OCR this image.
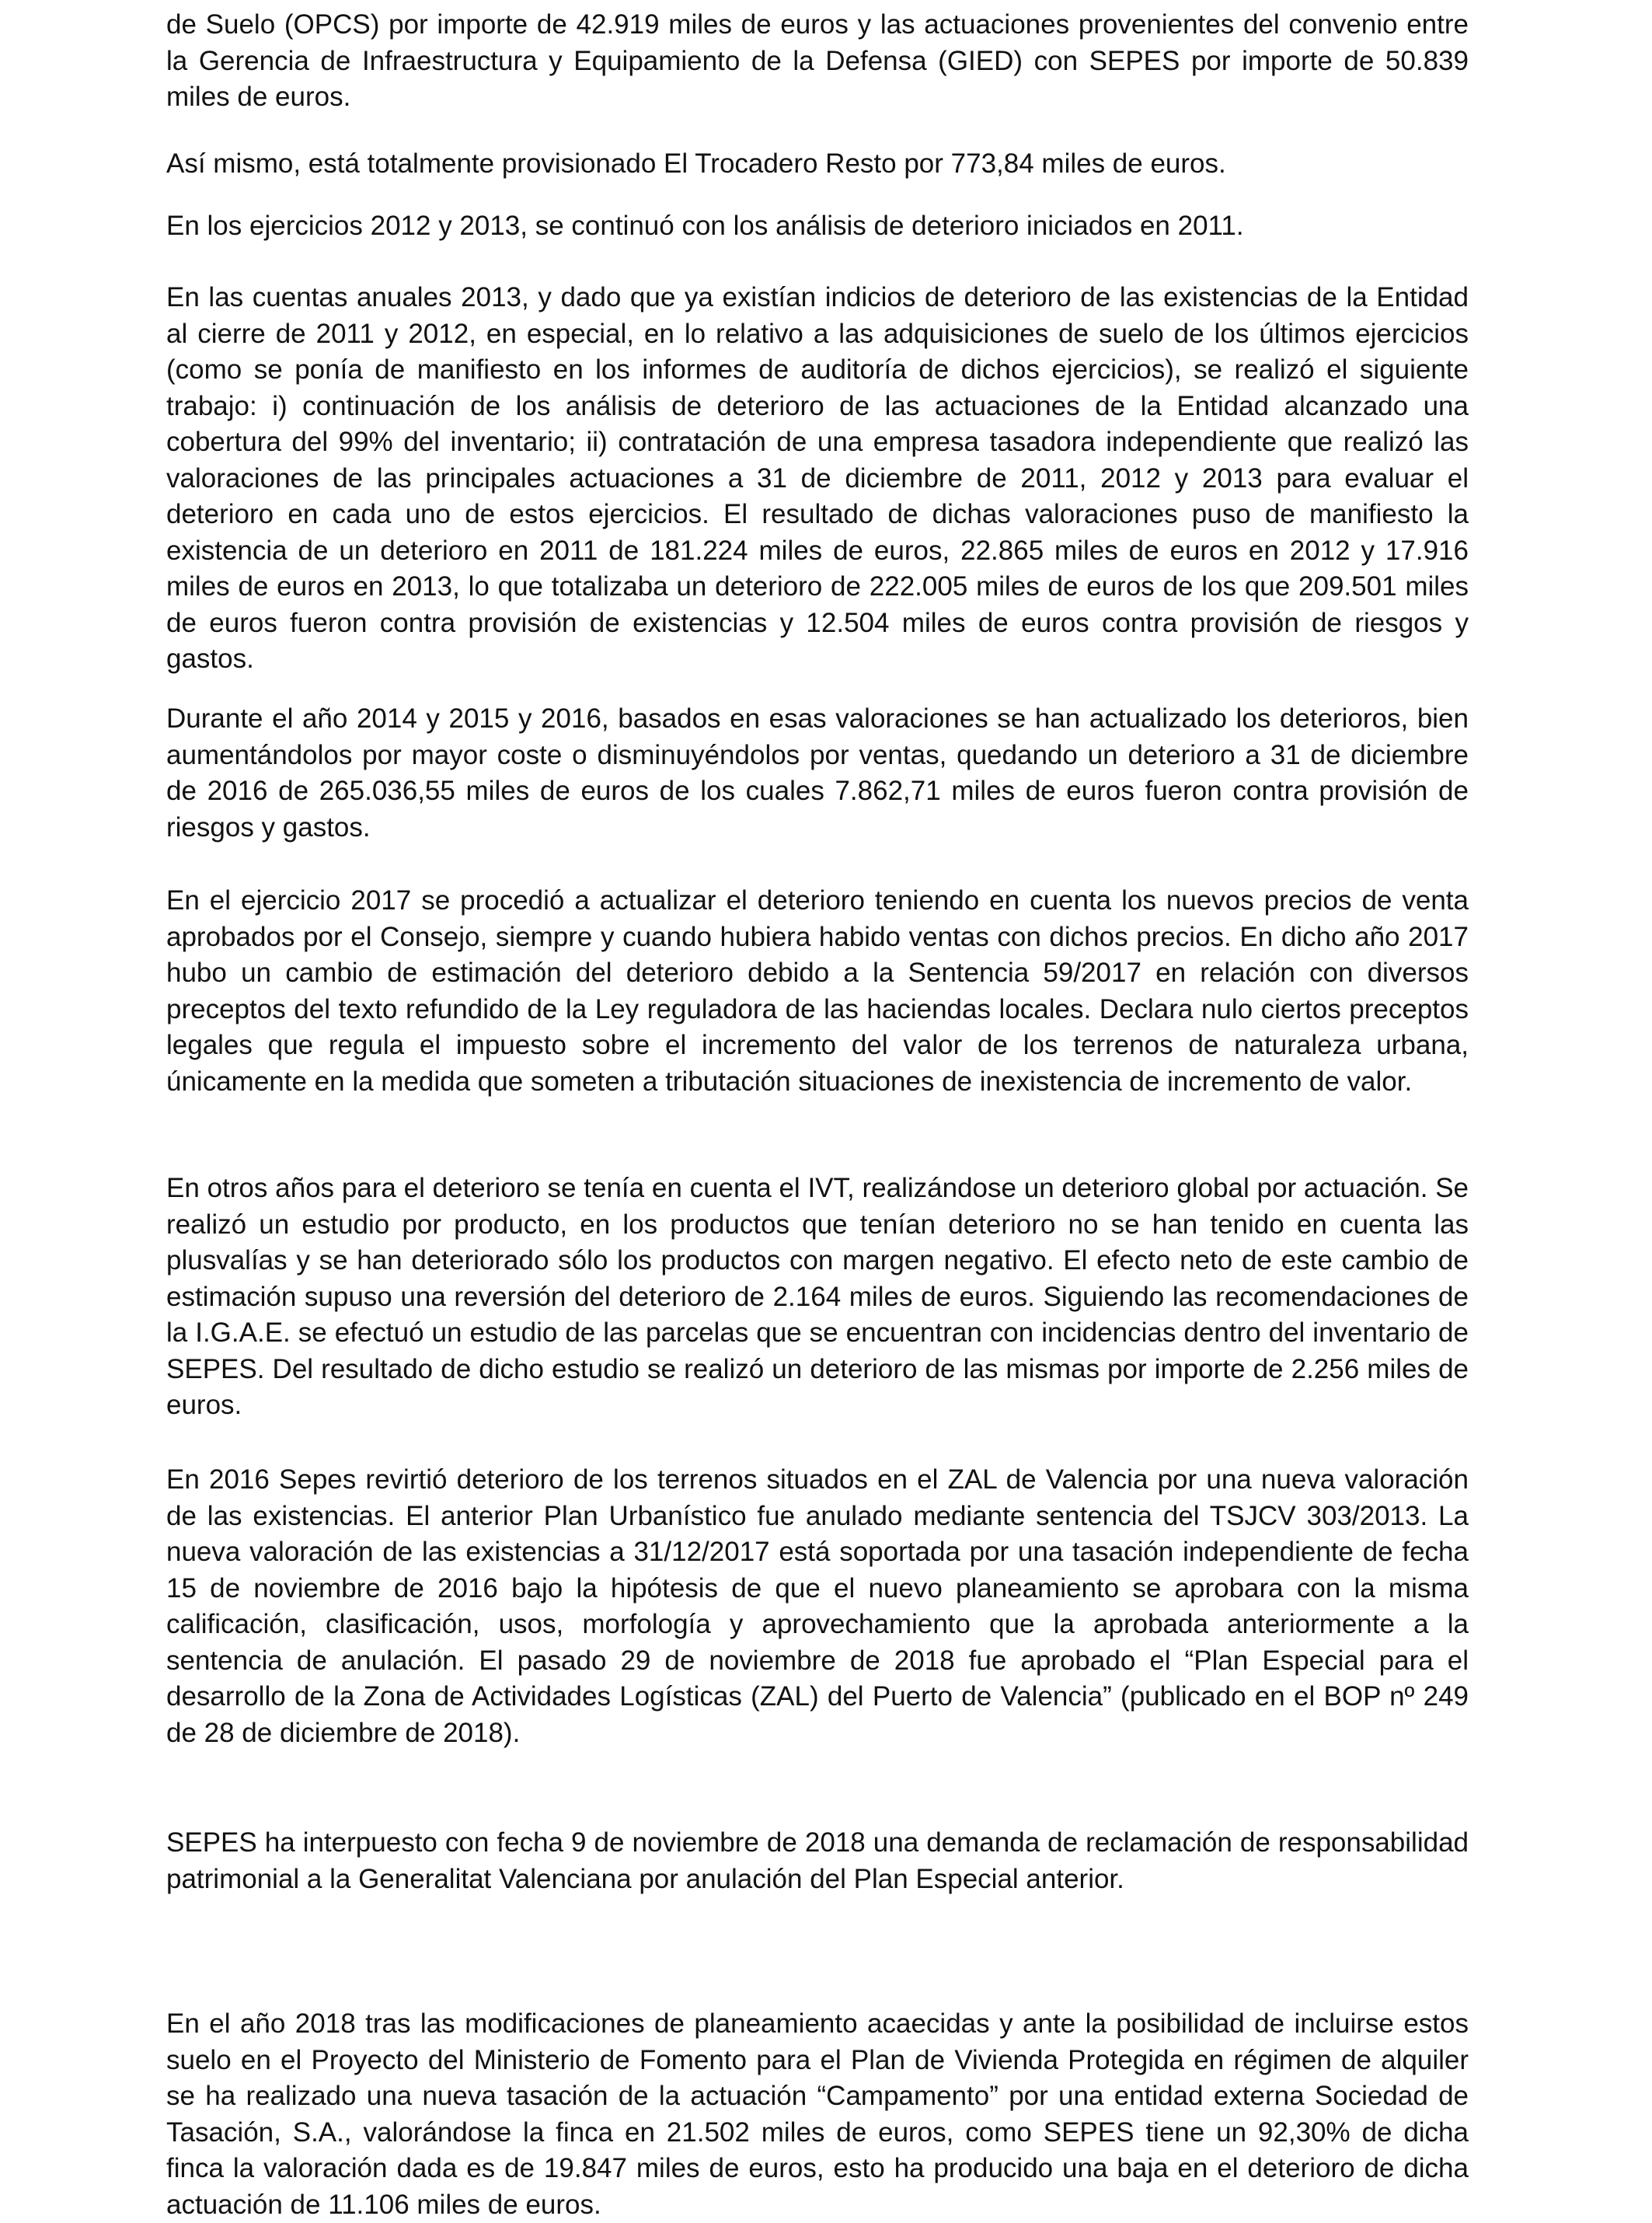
de Suelo (OPCS) por importe de 42.919 miles de euros y las actuaciones provenientes del convenio entre la Gerencia de Infraestructura y Equipamiento de la Defensa (GIED) con SEPES por importe de 50.839 miles de euros.

Así mismo, está totalmente provisionado El Trocadero Resto por 773,84 miles de euros.

En los ejercicios 2012 y 2013, se continuó con los análisis de deterioro iniciados en 2011.

En las cuentas anuales 2013, y dado que ya existían indicios de deterioro de las existencias de la Entidad al cierre de 2011 y 2012, en especial, en lo relativo a las adquisiciones de suelo de los últimos ejercicios (como se ponía de manifiesto en los informes de auditoría de dichos ejercicios), se realizó el siguiente trabajo: i) continuación de los análisis de deterioro de las actuaciones de la Entidad alcanzado una cobertura del 99% del inventario; ii) contratación de una empresa tasadora independiente que realizó las valoraciones de las principales actuaciones a 31 de diciembre de 2011, 2012 y 2013 para evaluar el deterioro en cada uno de estos ejercicios. El resultado de dichas valoraciones puso de manifiesto la existencia de un deterioro en 2011 de 181.224 miles de euros, 22.865 miles de euros en 2012 y 17.916 miles de euros en 2013, lo que totalizaba un deterioro de 222.005 miles de euros de los que 209.501 miles de euros fueron contra provisión de existencias y 12.504 miles de euros contra provisión de riesgos y gastos.

Durante el año 2014 y 2015 y 2016, basados en esas valoraciones se han actualizado los deterioros, bien aumentándolos por mayor coste o disminuyéndolos por ventas, quedando un deterioro a 31 de diciembre de 2016 de 265.036,55 miles de euros de los cuales 7.862,71 miles de euros fueron contra provisión de riesgos y gastos.

En el ejercicio 2017 se procedió a actualizar el deterioro teniendo en cuenta los nuevos precios de venta aprobados por el Consejo, siempre y cuando hubiera habido ventas con dichos precios. En dicho año 2017 hubo un cambio de estimación del deterioro debido a la Sentencia 59/2017 en relación con diversos preceptos del texto refundido de la Ley reguladora de las haciendas locales. Declara nulo ciertos preceptos legales que regula el impuesto sobre el incremento del valor de los terrenos de naturaleza urbana, únicamente en la medida que someten a tributación situaciones de inexistencia de incremento de valor.

En otros años para el deterioro se tenía en cuenta el IVT, realizándose un deterioro global por actuación. Se realizó un estudio por producto, en los productos que tenían deterioro no se han tenido en cuenta las plusvalías y se han deteriorado sólo los productos con margen negativo. El efecto neto de este cambio de estimación supuso una reversión del deterioro de 2.164 miles de euros. Siguiendo las recomendaciones de la I.G.A.E. se efectuó un estudio de las parcelas que se encuentran con incidencias dentro del inventario de SEPES. Del resultado de dicho estudio se realizó un deterioro de las mismas por importe de 2.256 miles de euros.

En 2016 Sepes revirtió deterioro de los terrenos situados en el ZAL de Valencia por una nueva valoración de las existencias. El anterior Plan Urbanístico fue anulado mediante sentencia del TSJCV 303/2013. La nueva valoración de las existencias a 31/12/2017 está soportada por una tasación independiente de fecha 15 de noviembre de 2016 bajo la hipótesis de que el nuevo planeamiento se aprobara con la misma calificación, clasificación, usos, morfología y aprovechamiento que la aprobada anteriormente a la sentencia de anulación. El pasado 29 de noviembre de 2018 fue aprobado el “Plan Especial para el desarrollo de la Zona de Actividades Logísticas (ZAL) del Puerto de Valencia” (publicado en el BOP nº 249 de 28 de diciembre de 2018).

SEPES ha interpuesto con fecha 9 de noviembre de 2018 una demanda de reclamación de responsabilidad patrimonial a la Generalitat Valenciana por anulación del Plan Especial anterior.

En el año 2018 tras las modificaciones de planeamiento acaecidas y ante la posibilidad de incluirse estos suelo en el Proyecto del Ministerio de Fomento para el Plan de Vivienda Protegida en régimen de alquiler se ha realizado una nueva tasación de la actuación “Campamento” por una entidad externa Sociedad de Tasación, S.A., valorándose la finca en 21.502 miles de euros, como SEPES tiene un 92,30% de dicha finca la valoración dada es de 19.847 miles de euros, esto ha producido una baja en el deterioro de dicha actuación de 11.106 miles de euros.
